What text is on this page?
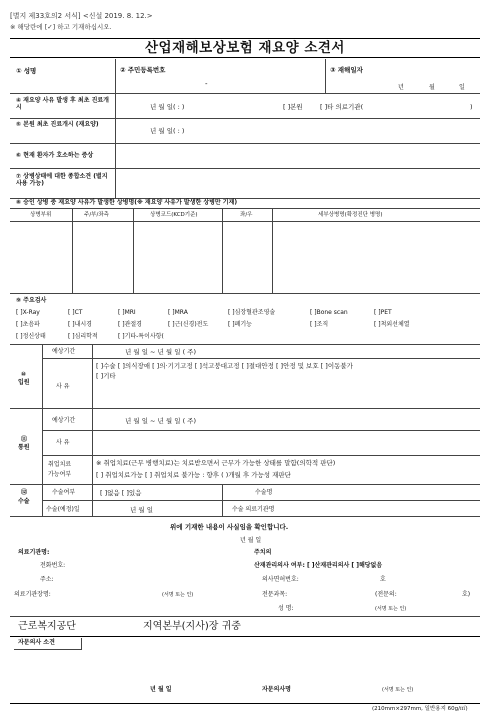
[별지 제33호의2 서식] <신설 2019. 8. 12.>
※ 해당란에 [✓] 하고 기재하십시오.
산업재해보상보험 재요양 소견서
① 성명	② 주민등록번호
-
③ 재해일자
년	월	일
④ 재요양 사유 발생 후 최초 진료개시	년 월 일( : )	[ ]본원	[ ]타 의료기관(	)
⑤ 본원 최초 진료개시 (재요양)
년 월 일( : )
⑥ 현재 환자가 호소하는 증상
⑦ 상병상태에 대한 종합소견 (별지 사용 가능)
⑧ 승인 상병 중 재요양 사유가 발생한 상병명(※ 재요양 사유가 발생한 상병만 기재)
상병부위	주/부/좌측	상병코드(KCD기준)	좌/우	세부상병명(확정진단 병명)
⑨ 주요검사
[ ]X-Ray	[ ]CT	[ ]MRI	[ ]MRA	[ ]심장혈관조영술	[ ]Bone scan	[ ]PET
[ ]초음파	[ ]내시경	[ ]관절경	[ ]근(신경)전도	[ ]폐기능	[ ]조직	[ ]척외선체열
[ ]정신상태	[ ]심리학적	[ ]기타-특이사항(
⑩
입원
예상기간	년 월 일 ~ 년 월 일 ( 주)
사 유
[ ]수술 [ ]의식장애 [ ]의·기기고정 [ ]석고붕대고정 [ ]절대안정 [ ]안정 및 보호 [ ]이동불가
[ ]기타
⑪
통원
예상기간	년 월 일 ~ 년 월 일 ( 주)
사 유
취업치료
가능여부
※ 취업치료(근무 병행치료)는 치료받으면서 근무가 가능한 상태를 말함(의학적 판단)
[ ] 취업치료가능 [ ] 취업치료 불가능 : 향후 ( )개월 후 가능성 재판단
⑫
수술
수술여부	[ ]없음 [ ]있음	수술명
수술(예정)일	년 월 일	수술 의료기관명
위에 기재한 내용이 사실임을 확인합니다.
년 월 일
의료기관명:	주치의
전화번호:	산재관리의사 여부: [ ]산재관리의사 [ ]해당없음
주소:	의사면허번호:	호
의료기관장명:	(서명 또는 인)	전문과목:	(전문의:	호)
성 명:	(서명 또는 인)
근로복지공단	지역본부(지사)장 귀중
자문의사 소견
년 월 일	자문의사명	(서명 또는 인)
(210mm×297mm, 일반용지 60g/㎡)
